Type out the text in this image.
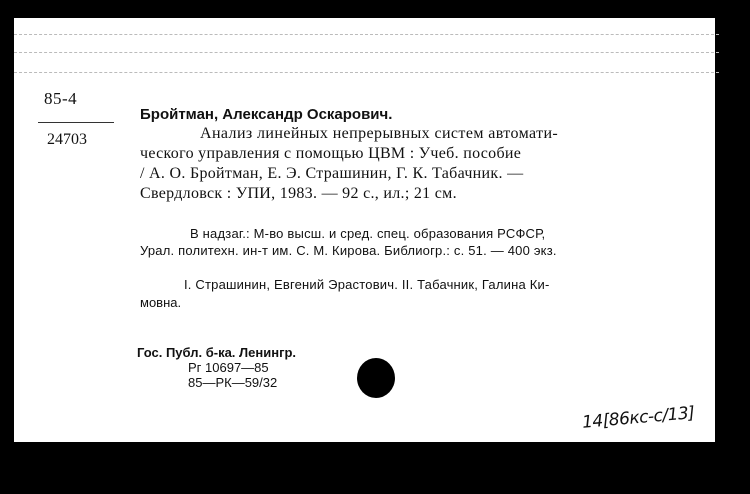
85-4
24703
Бройтман, Александр Оскарович.
Анализ линейных непрерывных систем автомати-
ческого управления с помощью ЦВМ : Учеб. пособие
/ А. О. Бройтман, Е. Э. Страшинин, Г. К. Табачник. —
Свердловск : УПИ, 1983. — 92 с., ил.; 21 см.
В надзаг.: М-во высш. и сред. спец. образования РСФСР,
Урал. политехн. ин-т им. С. М. Кирова. Библиогр.: с. 51. — 400 экз.
I. Страшинин, Евгений Эрастович. II. Табачник, Галина Ки-
мовна.
Гос. Публ. б-ка. Ленингр.
Рг 10697—85
85—РК—59/32
14[86кс-с/13]
